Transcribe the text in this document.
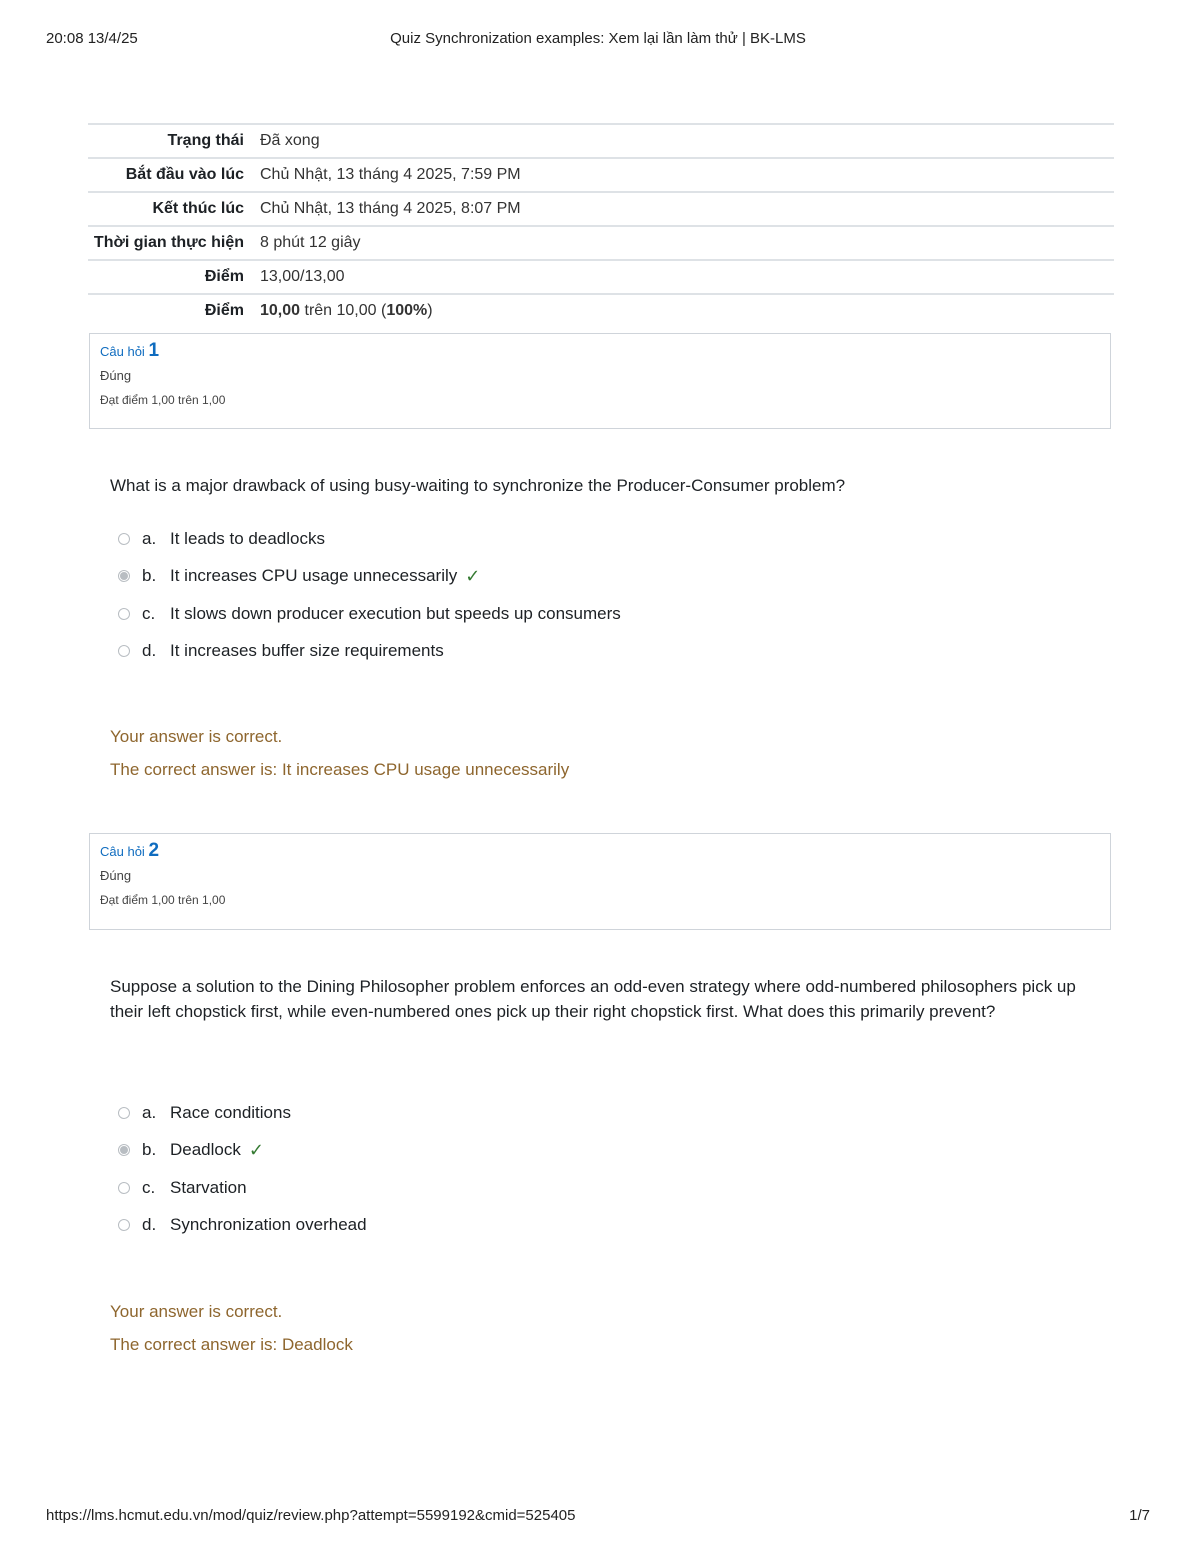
20:08 13/4/25	Quiz Synchronization examples: Xem lại lần làm thử | BK-LMS
Trạng thái	Đã xong
Bắt đầu vào lúc	Chủ Nhật, 13 tháng 4 2025, 7:59 PM
Kết thúc lúc	Chủ Nhật, 13 tháng 4 2025, 8:07 PM
Thời gian thực hiện	8 phút 12 giây
Điểm	13,00/13,00
Điểm	10,00 trên 10,00 (100%)
Câu hỏi 1
Đúng
Đạt điểm 1,00 trên 1,00
What is a major drawback of using busy-waiting to synchronize the Producer-Consumer problem?
a. It leads to deadlocks
b. It increases CPU usage unnecessarily ✓
c. It slows down producer execution but speeds up consumers
d. It increases buffer size requirements
Your answer is correct.
The correct answer is: It increases CPU usage unnecessarily
Câu hỏi 2
Đúng
Đạt điểm 1,00 trên 1,00
Suppose a solution to the Dining Philosopher problem enforces an odd-even strategy where odd-numbered philosophers pick up their left chopstick first, while even-numbered ones pick up their right chopstick first. What does this primarily prevent?
a. Race conditions
b. Deadlock ✓
c. Starvation
d. Synchronization overhead
Your answer is correct.
The correct answer is: Deadlock
https://lms.hcmut.edu.vn/mod/quiz/review.php?attempt=5599192&cmid=525405	1/7
